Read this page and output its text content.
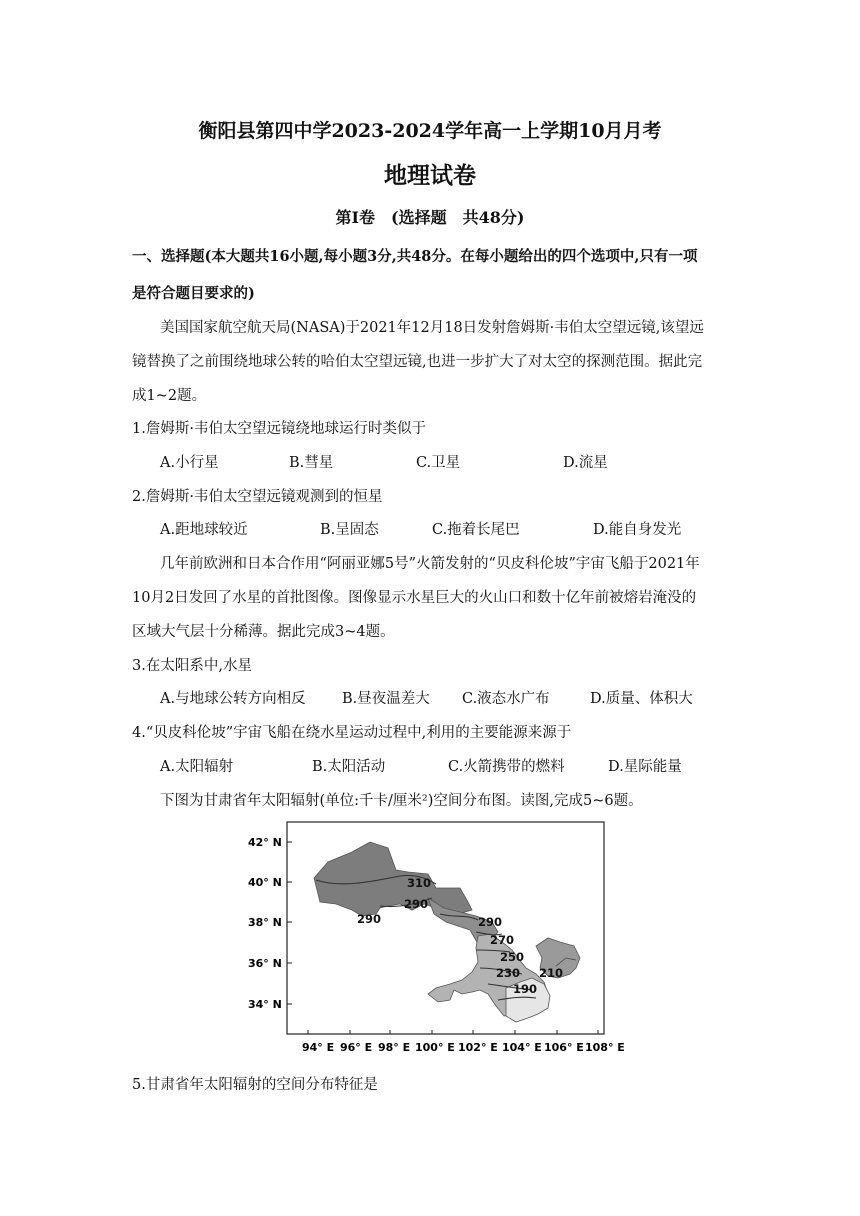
衡阳县第四中学2023-2024学年高一上学期10月月考
地理试卷
第Ⅰ卷　(选择题　共48分)
一、选择题(本大题共16小题,每小题3分,共48分。在每小题给出的四个选项中,只有一项
是符合题目要求的)
美国国家航空航天局(NASA)于2021年12月18日发射詹姆斯·韦伯太空望远镜,该望远
镜替换了之前围绕地球公转的哈伯太空望远镜,也进一步扩大了对太空的探测范围。据此完
成1~2题。
1.詹姆斯·韦伯太空望远镜绕地球运行时类似于
A.小行星	B.彗星	C.卫星	D.流星
2.詹姆斯·韦伯太空望远镜观测到的恒星
A.距地球较近	B.呈固态	C.拖着长尾巴	D.能自身发光
几年前欧洲和日本合作用“阿丽亚娜5号”火箭发射的“贝皮科伦坡”宇宙飞船于2021年
10月2日发回了水星的首批图像。图像显示水星巨大的火山口和数十亿年前被熔岩淹没的
区域大气层十分稀薄。据此完成3~4题。
3.在太阳系中,水星
A.与地球公转方向相反	B.昼夜温差大 C.液态水广布	D.质量、体积大
4.“贝皮科伦坡”宇宙飞船在绕水星运动过程中,利用的主要能源来源于
A.太阳辐射	B.太阳活动	C.火箭携带的燃料	D.星际能量
下图为甘肃省年太阳辐射(单位:千卡/厘米²)空间分布图。读图,完成5~6题。
42° N
40° N
38° N
36° N
34° N
94° E 96° E 98° E 100° E 102° E 104° E 106° E 108° E
310
290
290	290
270
250
230
190
210
5.甘肃省年太阳辐射的空间分布特征是
